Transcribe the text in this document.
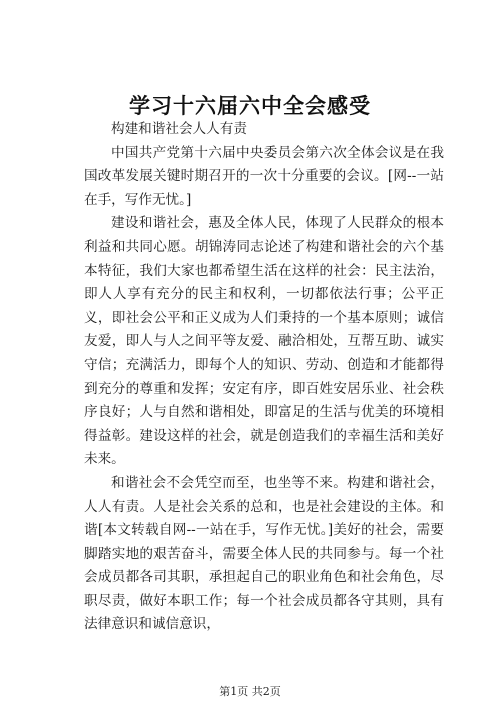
学习十六届六中全会感受

构建和谐社会人人有责

中国共产党第十六届中央委员会第六次全体会议是在我国改革发展关键时期召开的一次十分重要的会议。[网--一站在手，写作无忧。]

建设和谐社会，惠及全体人民，体现了人民群众的根本利益和共同心愿。胡锦涛同志论述了构建和谐社会的六个基本特征，我们大家也都希望生活在这样的社会：民主法治，即人人享有充分的民主和权利，一切都依法行事；公平正义，即社会公平和正义成为人们秉持的一个基本原则；诚信友爱，即人与人之间平等友爱、融洽相处，互帮互助、诚实守信；充满活力，即每个人的知识、劳动、创造和才能都得到充分的尊重和发挥；安定有序，即百姓安居乐业、社会秩序良好；人与自然和谐相处，即富足的生活与优美的环境相得益彰。建设这样的社会，就是创造我们的幸福生活和美好未来。

和谐社会不会凭空而至，也坐等不来。构建和谐社会，人人有责。人是社会关系的总和，也是社会建设的主体。和谐[本文转载自网--一站在手，写作无忧。]美好的社会，需要脚踏实地的艰苦奋斗，需要全体人民的共同参与。每一个社会成员都各司其职，承担起自己的职业角色和社会角色，尽职尽责，做好本职工作；每一个社会成员都各守其则，具有法律意识和诚信意识，

第1页 共2页
